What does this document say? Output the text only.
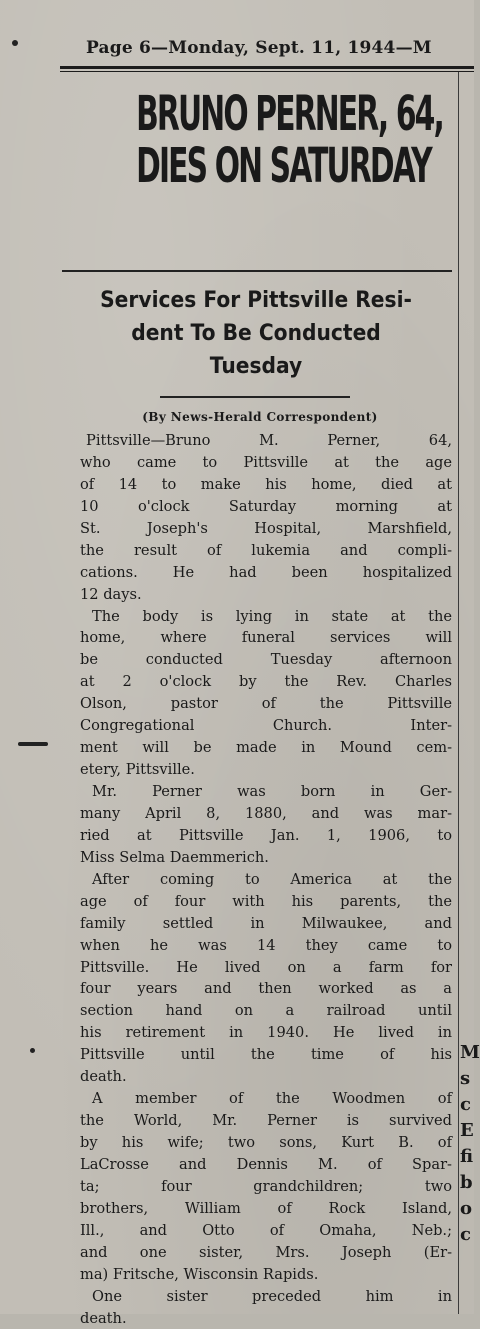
Page 6—Monday, Sept. 11, 1944—M
BRUNO PERNER, 64,
DIES ON SATURDAY
Services For Pittsville Resi-
dent To Be Conducted
Tuesday
(By News-Herald Correspondent)
Pittsville—Bruno M. Perner, 64,
who came to Pittsville at the age
of 14 to make his home, died at
10 o'clock Saturday morning at
St. Joseph's Hospital, Marshfield,
the result of lukemia and compli-
cations. He had been hospitalized
12 days.
The body is lying in state at the
home, where funeral services will
be conducted Tuesday afternoon
at 2 o'clock by the Rev. Charles
Olson, pastor of the Pittsville
Congregational Church. Inter-
ment will be made in Mound cem-
etery, Pittsville.
Mr. Perner was born in Ger-
many April 8, 1880, and was mar-
ried at Pittsville Jan. 1, 1906, to
Miss Selma Daemmerich.
After coming to America at the
age of four with his parents, the
family settled in Milwaukee, and
when he was 14 they came to
Pittsville. He lived on a farm for
four years and then worked as a
section hand on a railroad until
his retirement in 1940. He lived in
Pittsville until the time of his
death.
A member of the Woodmen of
the World, Mr. Perner is survived
by his wife; two sons, Kurt B. of
LaCrosse and Dennis M. of Spar-
ta; four grandchildren; two
brothers, William of Rock Island,
Ill., and Otto of Omaha, Neb.;
and one sister, Mrs. Joseph (Er-
ma) Fritsche, Wisconsin Rapids.
One sister preceded him in
death.
M
s
c
E
fi
b
o
c
